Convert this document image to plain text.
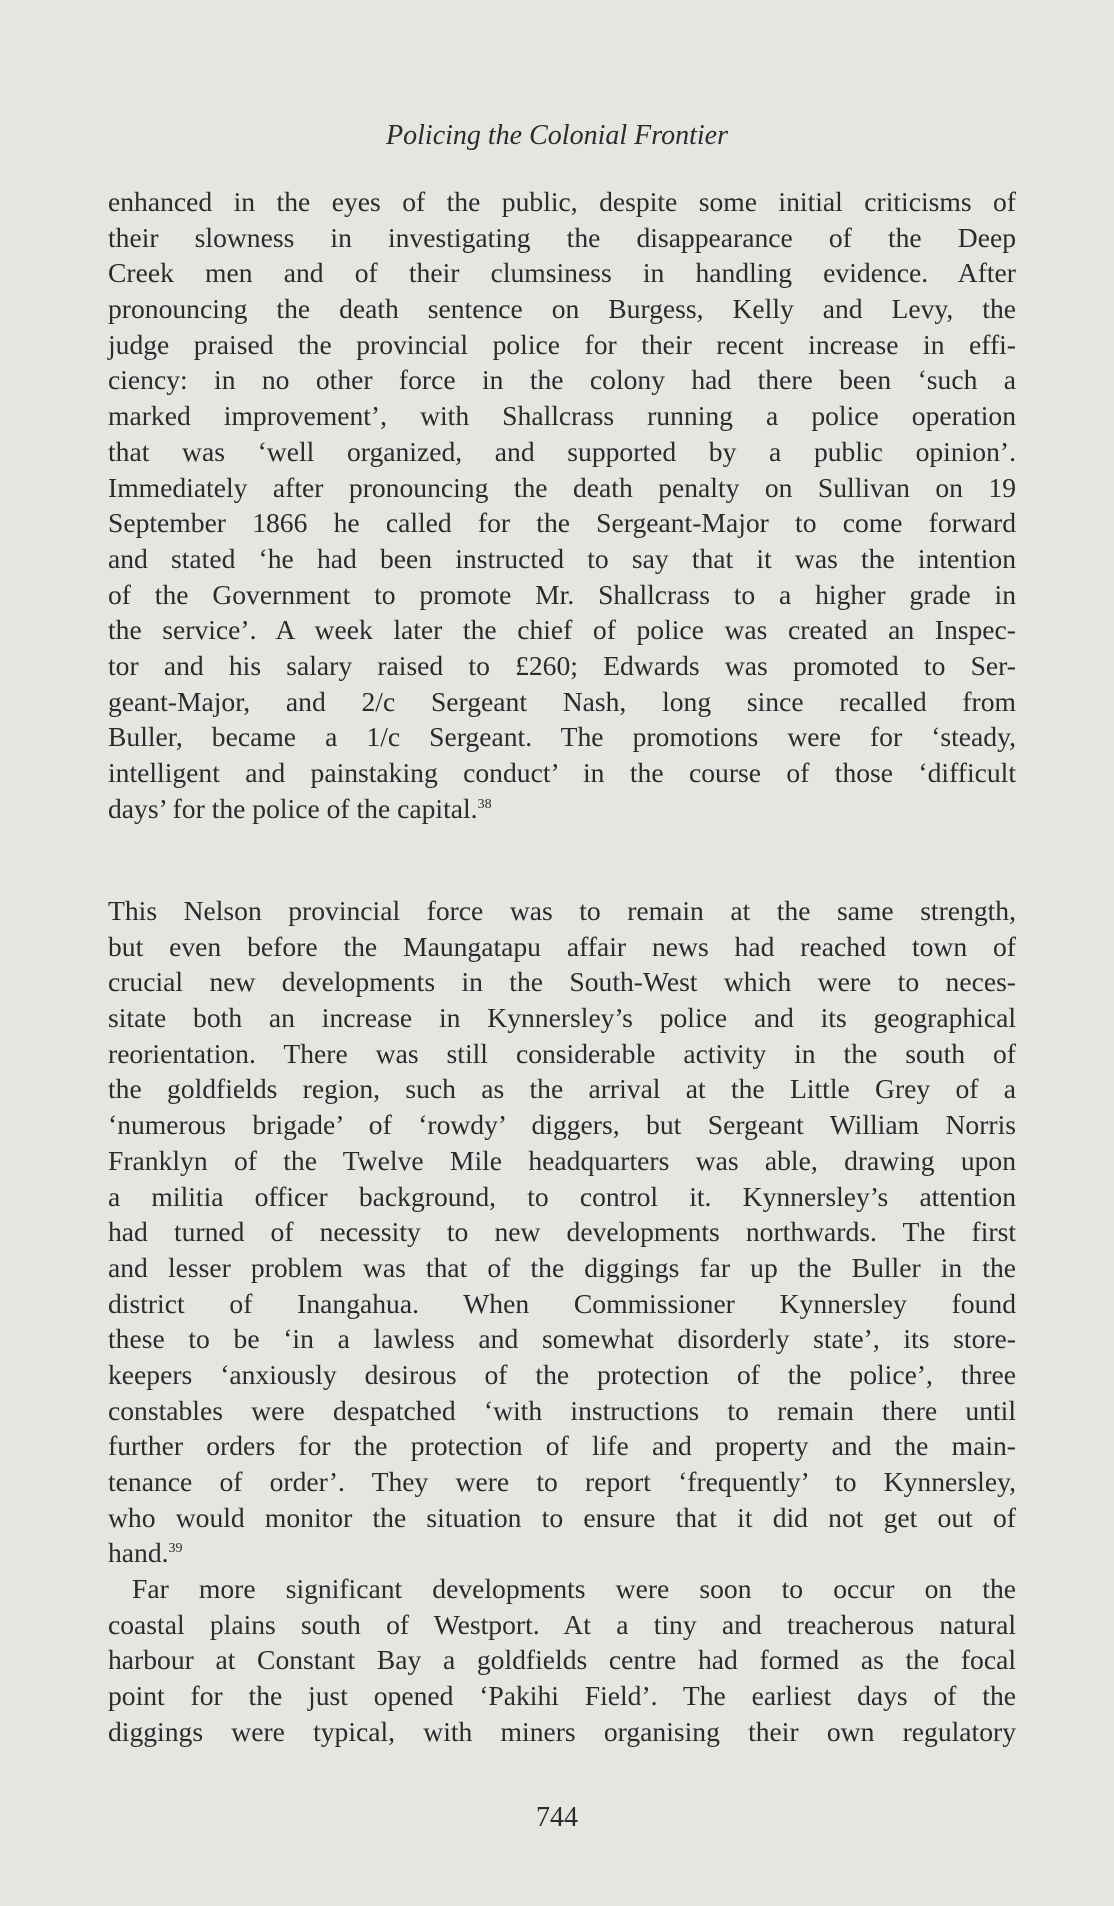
Policing the Colonial Frontier
enhanced in the eyes of the public, despite some initial criticisms of
their slowness in investigating the disappearance of the Deep
Creek men and of their clumsiness in handling evidence. After
pronouncing the death sentence on Burgess, Kelly and Levy, the
judge praised the provincial police for their recent increase in effi-
ciency: in no other force in the colony had there been ‘such a
marked improvement’, with Shallcrass running a police operation
that was ‘well organized, and supported by a public opinion’.
Immediately after pronouncing the death penalty on Sullivan on 19
September 1866 he called for the Sergeant-Major to come forward
and stated ‘he had been instructed to say that it was the intention
of the Government to promote Mr. Shallcrass to a higher grade in
the service’. A week later the chief of police was created an Inspec-
tor and his salary raised to £260; Edwards was promoted to Ser-
geant-Major, and 2/c Sergeant Nash, long since recalled from
Buller, became a 1/c Sergeant. The promotions were for ‘steady,
intelligent and painstaking conduct’ in the course of those ‘difficult
days’ for the police of the capital.$^{38}$
This Nelson provincial force was to remain at the same strength,
but even before the Maungatapu affair news had reached town of
crucial new developments in the South-West which were to neces-
sitate both an increase in Kynnersley’s police and its geographical
reorientation. There was still considerable activity in the south of
the goldfields region, such as the arrival at the Little Grey of a
‘numerous brigade’ of ‘rowdy’ diggers, but Sergeant William Norris
Franklyn of the Twelve Mile headquarters was able, drawing upon
a militia officer background, to control it. Kynnersley’s attention
had turned of necessity to new developments northwards. The first
and lesser problem was that of the diggings far up the Buller in the
district of Inangahua. When Commissioner Kynnersley found
these to be ‘in a lawless and somewhat disorderly state’, its store-
keepers ‘anxiously desirous of the protection of the police’, three
constables were despatched ‘with instructions to remain there until
further orders for the protection of life and property and the main-
tenance of order’. They were to report ‘frequently’ to Kynnersley,
who would monitor the situation to ensure that it did not get out of
hand.$^{39}$
Far more significant developments were soon to occur on the
coastal plains south of Westport. At a tiny and treacherous natural
harbour at Constant Bay a goldfields centre had formed as the focal
point for the just opened ‘Pakihi Field’. The earliest days of the
diggings were typical, with miners organising their own regulatory
744
